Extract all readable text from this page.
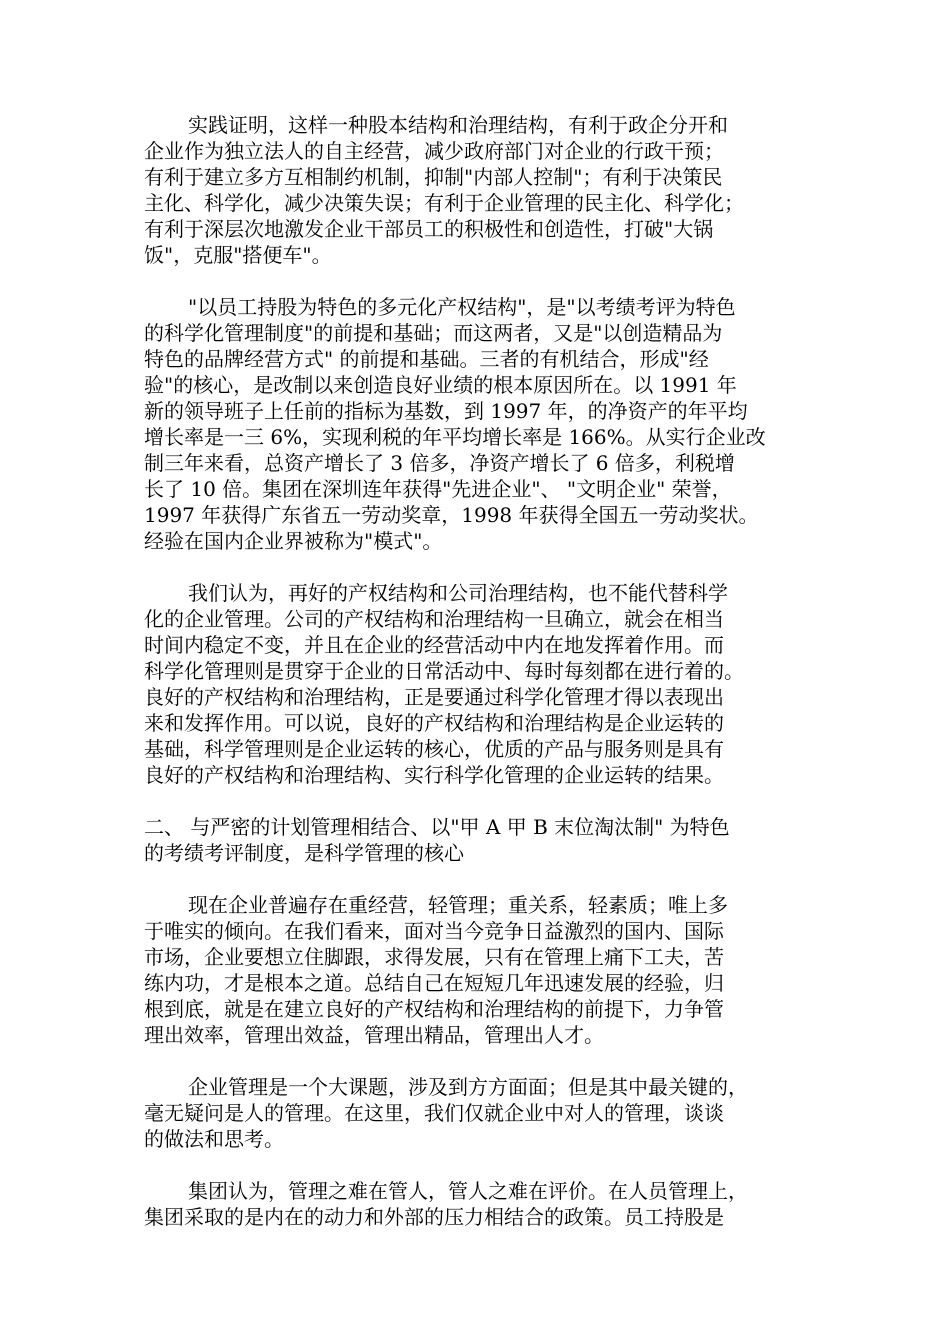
实践证明，这样一种股本结构和治理结构，有利于政企分开和
企业作为独立法人的自主经营，减少政府部门对企业的行政干预；
有利于建立多方互相制约机制，抑制"内部人控制"；有利于决策民
主化、科学化，减少决策失误；有利于企业管理的民主化、科学化；
有利于深层次地激发企业干部员工的积极性和创造性，打破"大锅
饭"，克服"搭便车"。
"以员工持股为特色的多元化产权结构"，是"以考绩考评为特色
的科学化管理制度"的前提和基础；而这两者，又是"以创造精品为
特色的品牌经营方式" 的前提和基础。三者的有机结合，形成"经
验"的核心，是改制以来创造良好业绩的根本原因所在。以 1991 年
新的领导班子上任前的指标为基数，到 1997 年，的净资产的年平均
增长率是一三 6%，实现利税的年平均增长率是 166%。从实行企业改
制三年来看，总资产增长了 3 倍多，净资产增长了 6 倍多，利税增
长了 10 倍。集团在深圳连年获得"先进企业"、 "文明企业" 荣誉，
1997 年获得广东省五一劳动奖章，1998 年获得全国五一劳动奖状。
经验在国内企业界被称为"模式"。
我们认为，再好的产权结构和公司治理结构，也不能代替科学
化的企业管理。公司的产权结构和治理结构一旦确立，就会在相当
时间内稳定不变，并且在企业的经营活动中内在地发挥着作用。而
科学化管理则是贯穿于企业的日常活动中、每时每刻都在进行着的。
良好的产权结构和治理结构，正是要通过科学化管理才得以表现出
来和发挥作用。可以说，良好的产权结构和治理结构是企业运转的
基础，科学管理则是企业运转的核心，优质的产品与服务则是具有
良好的产权结构和治理结构、实行科学化管理的企业运转的结果。
二、 与严密的计划管理相结合、以"甲 A 甲 B 末位淘汰制" 为特色
的考绩考评制度，是科学管理的核心
现在企业普遍存在重经营，轻管理；重关系，轻素质；唯上多
于唯实的倾向。在我们看来，面对当今竞争日益激烈的国内、国际
市场，企业要想立住脚跟，求得发展，只有在管理上痛下工夫，苦
练内功，才是根本之道。总结自己在短短几年迅速发展的经验，归
根到底，就是在建立良好的产权结构和治理结构的前提下，力争管
理出效率，管理出效益，管理出精品，管理出人才。
企业管理是一个大课题，涉及到方方面面；但是其中最关键的，
毫无疑问是人的管理。在这里，我们仅就企业中对人的管理，谈谈
的做法和思考。
集团认为，管理之难在管人，管人之难在评价。在人员管理上，
集团采取的是内在的动力和外部的压力相结合的政策。员工持股是
